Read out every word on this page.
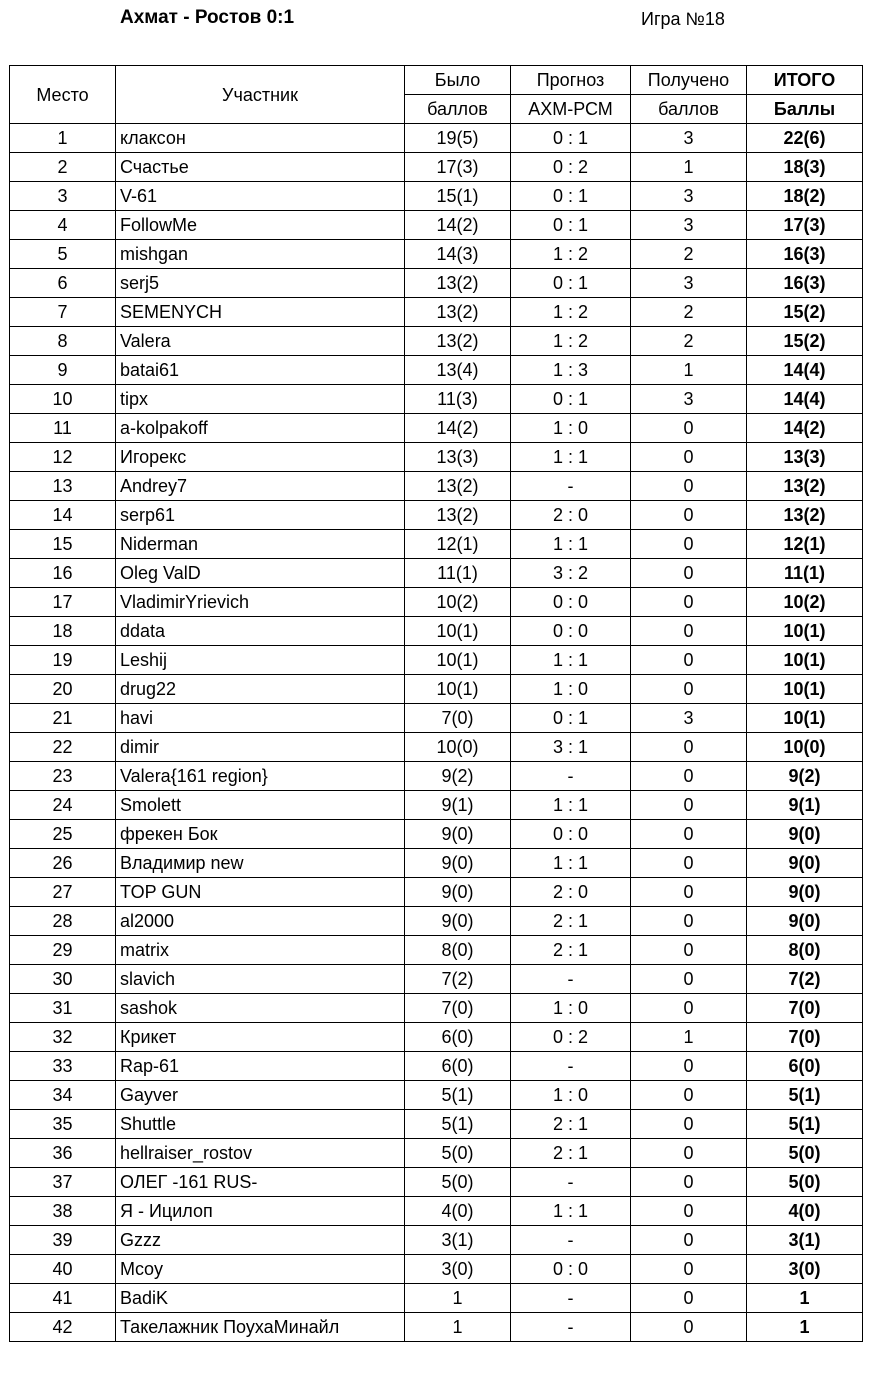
Ахмат - Ростов 0:1	Игра №18
Место	Участник	Было	Прогноз	Получено	ИТОГО
		баллов	АХМ-РСМ	баллов	Баллы
1	клаксон	19(5)	0 : 1	3	22(6)
2	Счастье	17(3)	0 : 2	1	18(3)
3	V-61	15(1)	0 : 1	3	18(2)
4	FollowMe	14(2)	0 : 1	3	17(3)
5	mishgan	14(3)	1 : 2	2	16(3)
6	serj5	13(2)	0 : 1	3	16(3)
7	SEMENYCH	13(2)	1 : 2	2	15(2)
8	Valera	13(2)	1 : 2	2	15(2)
9	batai61	13(4)	1 : 3	1	14(4)
10	tipx	11(3)	0 : 1	3	14(4)
11	a-kolpakoff	14(2)	1 : 0	0	14(2)
12	Игорекс	13(3)	1 : 1	0	13(3)
13	Andrey7	13(2)	-	0	13(2)
14	serp61	13(2)	2 : 0	0	13(2)
15	Niderman	12(1)	1 : 1	0	12(1)
16	Oleg ValD	11(1)	3 : 2	0	11(1)
17	VladimirYrievich	10(2)	0 : 0	0	10(2)
18	ddata	10(1)	0 : 0	0	10(1)
19	Leshij	10(1)	1 : 1	0	10(1)
20	drug22	10(1)	1 : 0	0	10(1)
21	havi	7(0)	0 : 1	3	10(1)
22	dimir	10(0)	3 : 1	0	10(0)
23	Valera{161 region}	9(2)	-	0	9(2)
24	Smolett	9(1)	1 : 1	0	9(1)
25	фрекен Бок	9(0)	0 : 0	0	9(0)
26	Владимир new	9(0)	1 : 1	0	9(0)
27	TOP GUN	9(0)	2 : 0	0	9(0)
28	al2000	9(0)	2 : 1	0	9(0)
29	matrix	8(0)	2 : 1	0	8(0)
30	slavich	7(2)	-	0	7(2)
31	sashok	7(0)	1 : 0	0	7(0)
32	Крикет	6(0)	0 : 2	1	7(0)
33	Rap-61	6(0)	-	0	6(0)
34	Gayver	5(1)	1 : 0	0	5(1)
35	Shuttle	5(1)	2 : 1	0	5(1)
36	hellraiser_rostov	5(0)	2 : 1	0	5(0)
37	ОЛЕГ -161 RUS-	5(0)	-	0	5(0)
38	Я - Ицилоп	4(0)	1 : 1	0	4(0)
39	Gzzz	3(1)	-	0	3(1)
40	Mcoy	3(0)	0 : 0	0	3(0)
41	BadiK	1	-	0	1
42	Такелажник ПоухаМинайл	1	-	0	1
